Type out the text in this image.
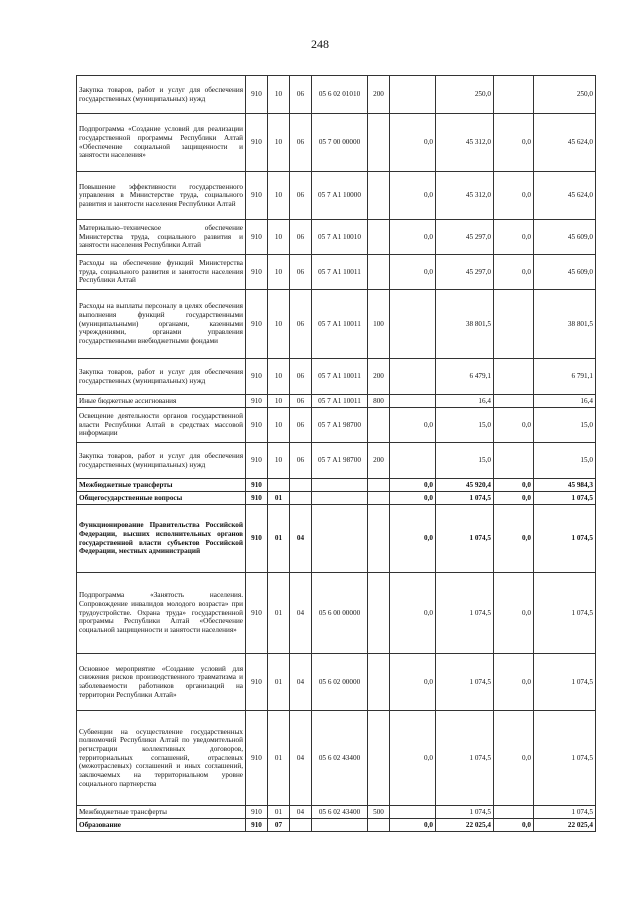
248
Закупка товаров, работ и услуг для обеспечения государственных (муниципальных) нужд	910	10	06	05 6 02 01010	200		250,0		250,0
Подпрограмма «Создание условий для реализации государственной программы Республики Алтай «Обеспечение социальной защищенности и занятости населения»	910	10	06	05 7 00 00000		0,0	45 312,0	0,0	45 624,0
Повышение эффективности государственного управления в Министерстве труда, социального развития и занятости населения Республики Алтай	910	10	06	05 7 А1 10000		0,0	45 312,0	0,0	45 624,0
Материально–техническое обеспечение Министерства труда, социального развития и занятости населения Республики Алтай	910	10	06	05 7 А1 10010		0,0	45 297,0	0,0	45 609,0
Расходы на обеспечение функций Министерства труда, социального развития и занятости населения Республики Алтай	910	10	06	05 7 А1 10011		0,0	45 297,0	0,0	45 609,0
Расходы на выплаты персоналу в целях обеспечения выполнения функций государственными (муниципальными) органами, казенными учреждениями, органами управления государственными внебюджетными фондами	910	10	06	05 7 А1 10011	100		38 801,5		38 801,5
Закупка товаров, работ и услуг для обеспечения государственных (муниципальных) нужд	910	10	06	05 7 А1 10011	200		6 479,1		6 791,1
Иные бюджетные ассигнования	910	10	06	05 7 А1 10011	800		16,4		16,4
Освещение деятельности органов государственной власти Республики Алтай в средствах массовой информации	910	10	06	05 7 А1 98700		0,0	15,0	0,0	15,0
Закупка товаров, работ и услуг для обеспечения государственных (муниципальных) нужд	910	10	06	05 7 А1 98700	200		15,0		15,0
Межбюджетные трансферты	910					0,0	45 920,4	0,0	45 984,3
Общегосударственные вопросы	910	01				0,0	1 074,5	0,0	1 074,5
Функционирование Правительства Российской Федерации, высших исполнительных органов государственной власти субъектов Российской Федерации, местных администраций	910	01	04			0,0	1 074,5	0,0	1 074,5
Подпрограмма «Занятость населения. Сопровождение инвалидов молодого возраста» при трудоустройстве. Охрана труда» государственной программы Республики Алтай «Обеспечение социальной защищенности и занятости населения»	910	01	04	05 6 00 00000		0,0	1 074,5	0,0	1 074,5
Основное мероприятие «Создание условий для снижения рисков производственного травматизма и заболеваемости работников организаций на территории Республики Алтай»	910	01	04	05 6 02 00000		0,0	1 074,5	0,0	1 074,5
Субвенции на осуществление государственных полномочий Республики Алтай по уведомительной регистрации коллективных договоров, территориальных соглашений, отраслевых (межотраслевых) соглашений и иных соглашений, заключаемых на территориальном уровне социального партнерства	910	01	04	05 6 02 43400		0,0	1 074,5	0,0	1 074,5
Межбюджетные трансферты	910	01	04	05 6 02 43400	500		1 074,5		1 074,5
Образование	910	07				0,0	22 025,4	0,0	22 025,4
